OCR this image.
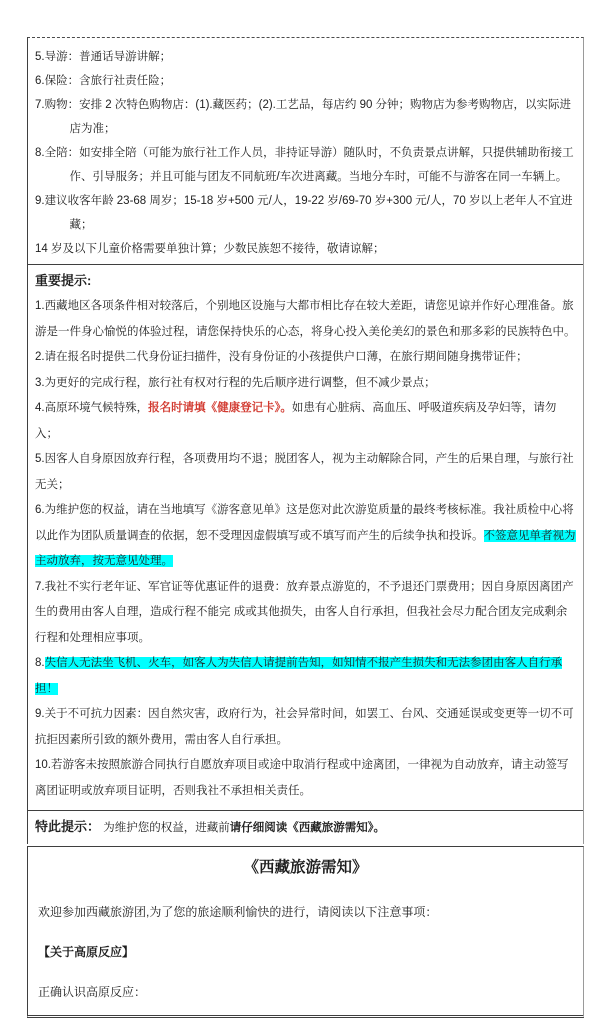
5.导游：普通话导游讲解；

6.保险：含旅行社责任险；

7.购物：安排 2 次特色购物店：(1).藏医药；(2).工艺品，每店约 90 分钟；购物店为参考购物店，以实际进店为准；

8.全陪：如安排全陪（可能为旅行社工作人员，非持证导游）随队时，不负责景点讲解，只提供辅助衔接工作、引导服务；并且可能与团友不同航班/车次进离藏。当地分车时，可能不与游客在同一车辆上。

9.建议收客年龄 23-68 周岁；15-18 岁+500 元/人，19-22 岁/69-70 岁+300 元/人，70 岁以上老年人不宜进藏；

14 岁及以下儿童价格需要单独计算；少数民族恕不接待，敬请谅解；

重要提示:

1.西藏地区各项条件相对较落后，个别地区设施与大都市相比存在较大差距，请您见谅并作好心理准备。旅游是一件身心愉悦的体验过程，请您保持快乐的心态，将身心投入美伦美幻的景色和那多彩的民族特色中。

2.请在报名时提供二代身份证扫描件，没有身份证的小孩提供户口薄，在旅行期间随身携带证件；

3.为更好的完成行程，旅行社有权对行程的先后顺序进行调整，但不减少景点；

4.高原环境气候特殊，报名时请填《健康登记卡》。如患有心脏病、高血压、呼吸道疾病及孕妇等，请勿入；

5.因客人自身原因放弃行程，各项费用均不退；脱团客人，视为主动解除合同，产生的后果自理，与旅行社无关；

6.为维护您的权益，请在当地填写《游客意见单》这是您对此次游览质量的最终考核标准。我社质检中心将以此作为团队质量调查的依据，恕不受理因虚假填写或不填写而产生的后续争执和投诉。不签意见单者视为主动放弃，按无意见处理。

7.我社不实行老年证、军官证等优惠证件的退费：放弃景点游览的，不予退还门票费用；因自身原因离团产生的费用由客人自理，造成行程不能完 成或其他损失，由客人自行承担，但我社会尽力配合团友完成剩余行程和处理相应事项。

8.失信人无法坐飞机、火车，如客人为失信人请提前告知，如知情不报产生损失和无法参团由客人自行承担！

9.关于不可抗力因素：因自然灾害，政府行为，社会异常时间，如罢工、台风、交通延误或变更等一切不可抗拒因素所引致的额外费用，需由客人自行承担。

10.若游客未按照旅游合同执行自愿放弃项目或途中取消行程或中途离团，一律视为自动放弃，请主动签写离团证明或放弃项目证明，否则我社不承担相关责任。

特此提示： 为维护您的权益，进藏前请仔细阅读《西藏旅游需知》。

《西藏旅游需知》

欢迎参加西藏旅游团,为了您的旅途顺利愉快的进行，请阅读以下注意事项：

【关于高原反应】

正确认识高原反应：
